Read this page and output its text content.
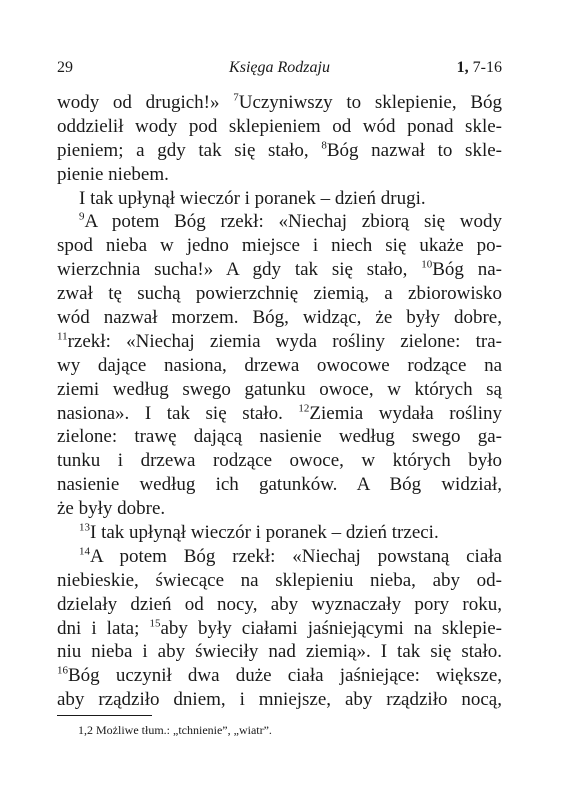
29	Księga Rodzaju	1, 7-16
wody od drugich!» $^7$Uczyniwszy to sklepienie, Bóg
oddzielił wody pod sklepieniem od wód ponad skle-
pieniem; a gdy tak się stało, $^8$Bóg nazwał to skle-
pienie niebem.
I tak upłynął wieczór i poranek – dzień drugi.
$^9$A potem Bóg rzekł: «Niechaj zbiorą się wody
spod nieba w jedno miejsce i niech się ukaże po-
wierzchnia sucha!» A gdy tak się stało, $^{10}$Bóg na-
zwał tę suchą powierzchnię ziemią, a zbiorowisko
wód nazwał morzem. Bóg, widząc, że były dobre,
$^{11}$rzekł: «Niechaj ziemia wyda rośliny zielone: tra-
wy dające nasiona, drzewa owocowe rodzące na
ziemi według swego gatunku owoce, w których są
nasiona». I tak się stało. $^{12}$Ziemia wydała rośliny
zielone: trawę dającą nasienie według swego ga-
tunku i drzewa rodzące owoce, w których było
nasienie według ich gatunków. A Bóg widział,
że były dobre.
$^{13}$I tak upłynął wieczór i poranek – dzień trzeci.
$^{14}$A potem Bóg rzekł: «Niechaj powstaną ciała
niebieskie, świecące na sklepieniu nieba, aby od-
dzielały dzień od nocy, aby wyznaczały pory roku,
dni i lata; $^{15}$aby były ciałami jaśniejącymi na sklepie-
niu nieba i aby świeciły nad ziemią». I tak się stało.
$^{16}$Bóg uczynił dwa duże ciała jaśniejące: większe,
aby rządziło dniem, i mniejsze, aby rządziło nocą,
1,2 Możliwe tłum.: „tchnienie”, „wiatr”.
